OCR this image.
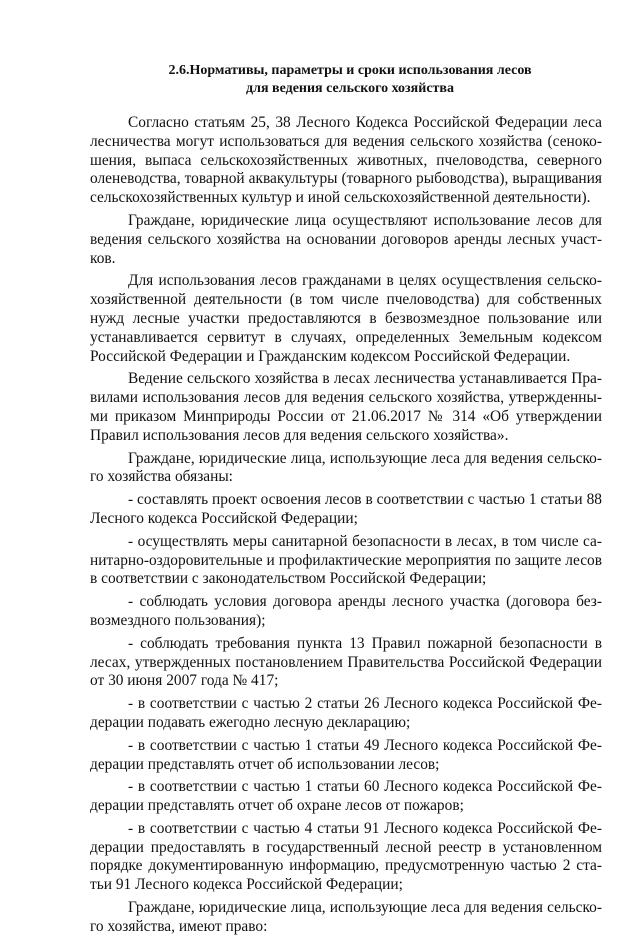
2.6.Нормативы, параметры и сроки использования лесов
для ведения сельского хозяйства

Согласно статьям 25, 38 Лесного Кодекса Российской Федерации леса лесничества могут использоваться для ведения сельского хозяйства (сенокошения, выпаса сельскохозяйственных животных, пчеловодства, северного оленеводства, товарной аквакультуры (товарного рыбоводства), выращивания сельскохозяйственных культур и иной сельскохозяйственной деятельности).

Граждане, юридические лица осуществляют использование лесов для ведения сельского хозяйства на основании договоров аренды лесных участков.

Для использования лесов гражданами в целях осуществления сельскохозяйственной деятельности (в том числе пчеловодства) для собственных нужд лесные участки предоставляются в безвозмездное пользование или устанавливается сервитут в случаях, определенных Земельным кодексом Российской Федерации и Гражданским кодексом Российской Федерации.

Ведение сельского хозяйства в лесах лесничества устанавливается Правилами использования лесов для ведения сельского хозяйства, утвержденными приказом Минприроды России от 21.06.2017 № 314 «Об утверждении Правил использования лесов для ведения сельского хозяйства».

Граждане, юридические лица, использующие леса для ведения сельского хозяйства обязаны:

- составлять проект освоения лесов в соответствии с частью 1 статьи 88 Лесного кодекса Российской Федерации;

- осуществлять меры санитарной безопасности в лесах, в том числе санитарно-оздоровительные и профилактические мероприятия по защите лесов в соответствии с законодательством Российской Федерации;

- соблюдать условия договора аренды лесного участка (договора безвозмездного пользования);

- соблюдать требования пункта 13 Правил пожарной безопасности в лесах, утвержденных постановлением Правительства Российской Федерации от 30 июня 2007 года № 417;

- в соответствии с частью 2 статьи 26 Лесного кодекса Российской Федерации подавать ежегодно лесную декларацию;

- в соответствии с частью 1 статьи 49 Лесного кодекса Российской Федерации представлять отчет об использовании лесов;

- в соответствии с частью 1 статьи 60 Лесного кодекса Российской Федерации представлять отчет об охране лесов от пожаров;

- в соответствии с частью 4 статьи 91 Лесного кодекса Российской Федерации предоставлять в государственный лесной реестр в установленном порядке документированную информацию, предусмотренную частью 2 статьи 91 Лесного кодекса Российской Федерации;

Граждане, юридические лица, использующие леса для ведения сельского хозяйства, имеют право:
